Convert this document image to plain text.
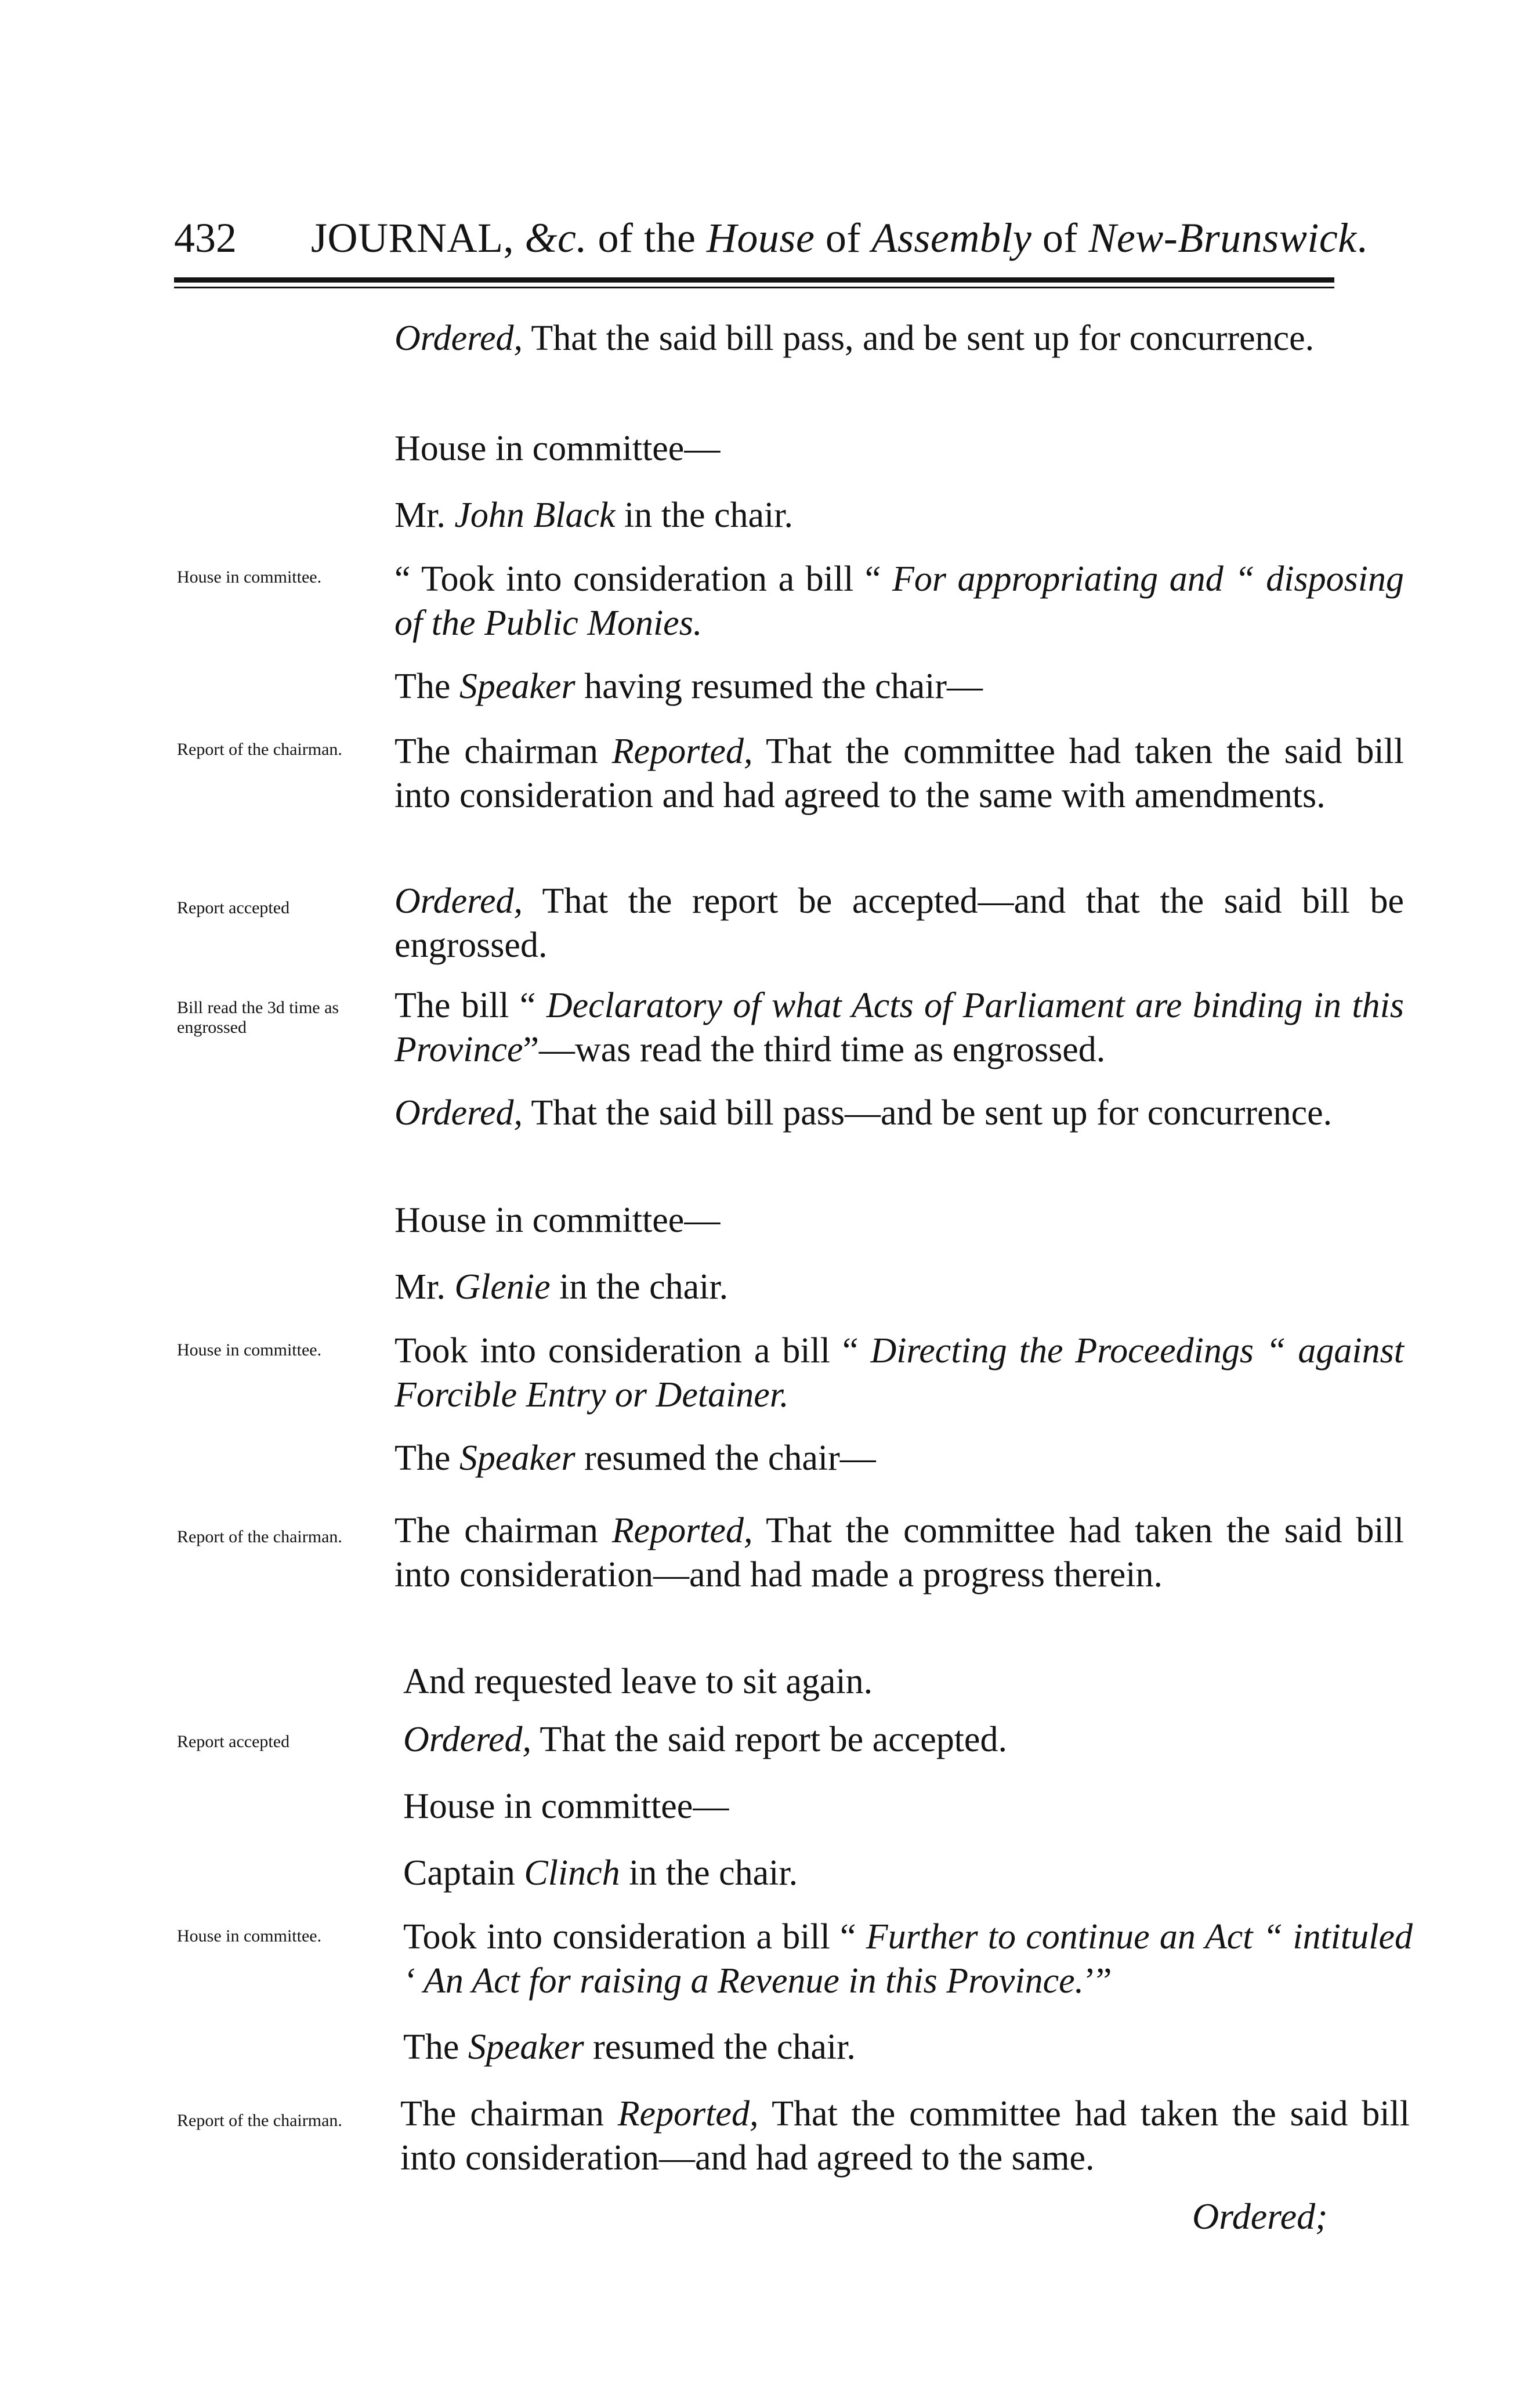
432 JOURNAL, &c. of the House of Assembly of New-Brunswick.

House in committee.

Report of the chairman.

Report accepted

Bill read the 3d time as engrossed

House in committee.

Report of the chairman.

Report accepted

House in committee.

Report of the chairman.

Ordered, That the said bill pass, and be sent up for concurrence.

House in committee—

Mr. John Black in the chair.

“ Took into consideration a bill “ For appropriating and “ disposing of the Public Monies.

The Speaker having resumed the chair—

The chairman Reported, That the committee had taken the said bill into consideration and had agreed to the same with amendments.

Ordered, That the report be accepted—and that the said bill be engrossed.

The bill “ Declaratory of what Acts of Parliament are binding in this Province”—was read the third time as engrossed.

Ordered, That the said bill pass—and be sent up for concurrence.

House in committee—

Mr. Glenie in the chair.

Took into consideration a bill “ Directing the Proceedings “ against Forcible Entry or Detainer.

The Speaker resumed the chair—

The chairman Reported, That the committee had taken the said bill into consideration—and had made a progress therein.

And requested leave to sit again.

Ordered, That the said report be accepted.

House in committee—

Captain Clinch in the chair.

Took into consideration a bill “ Further to continue an Act “ intituled ‘ An Act for raising a Revenue in this Province.’”

The Speaker resumed the chair.

The chairman Reported, That the committee had taken the said bill into consideration—and had agreed to the same.

Ordered;
